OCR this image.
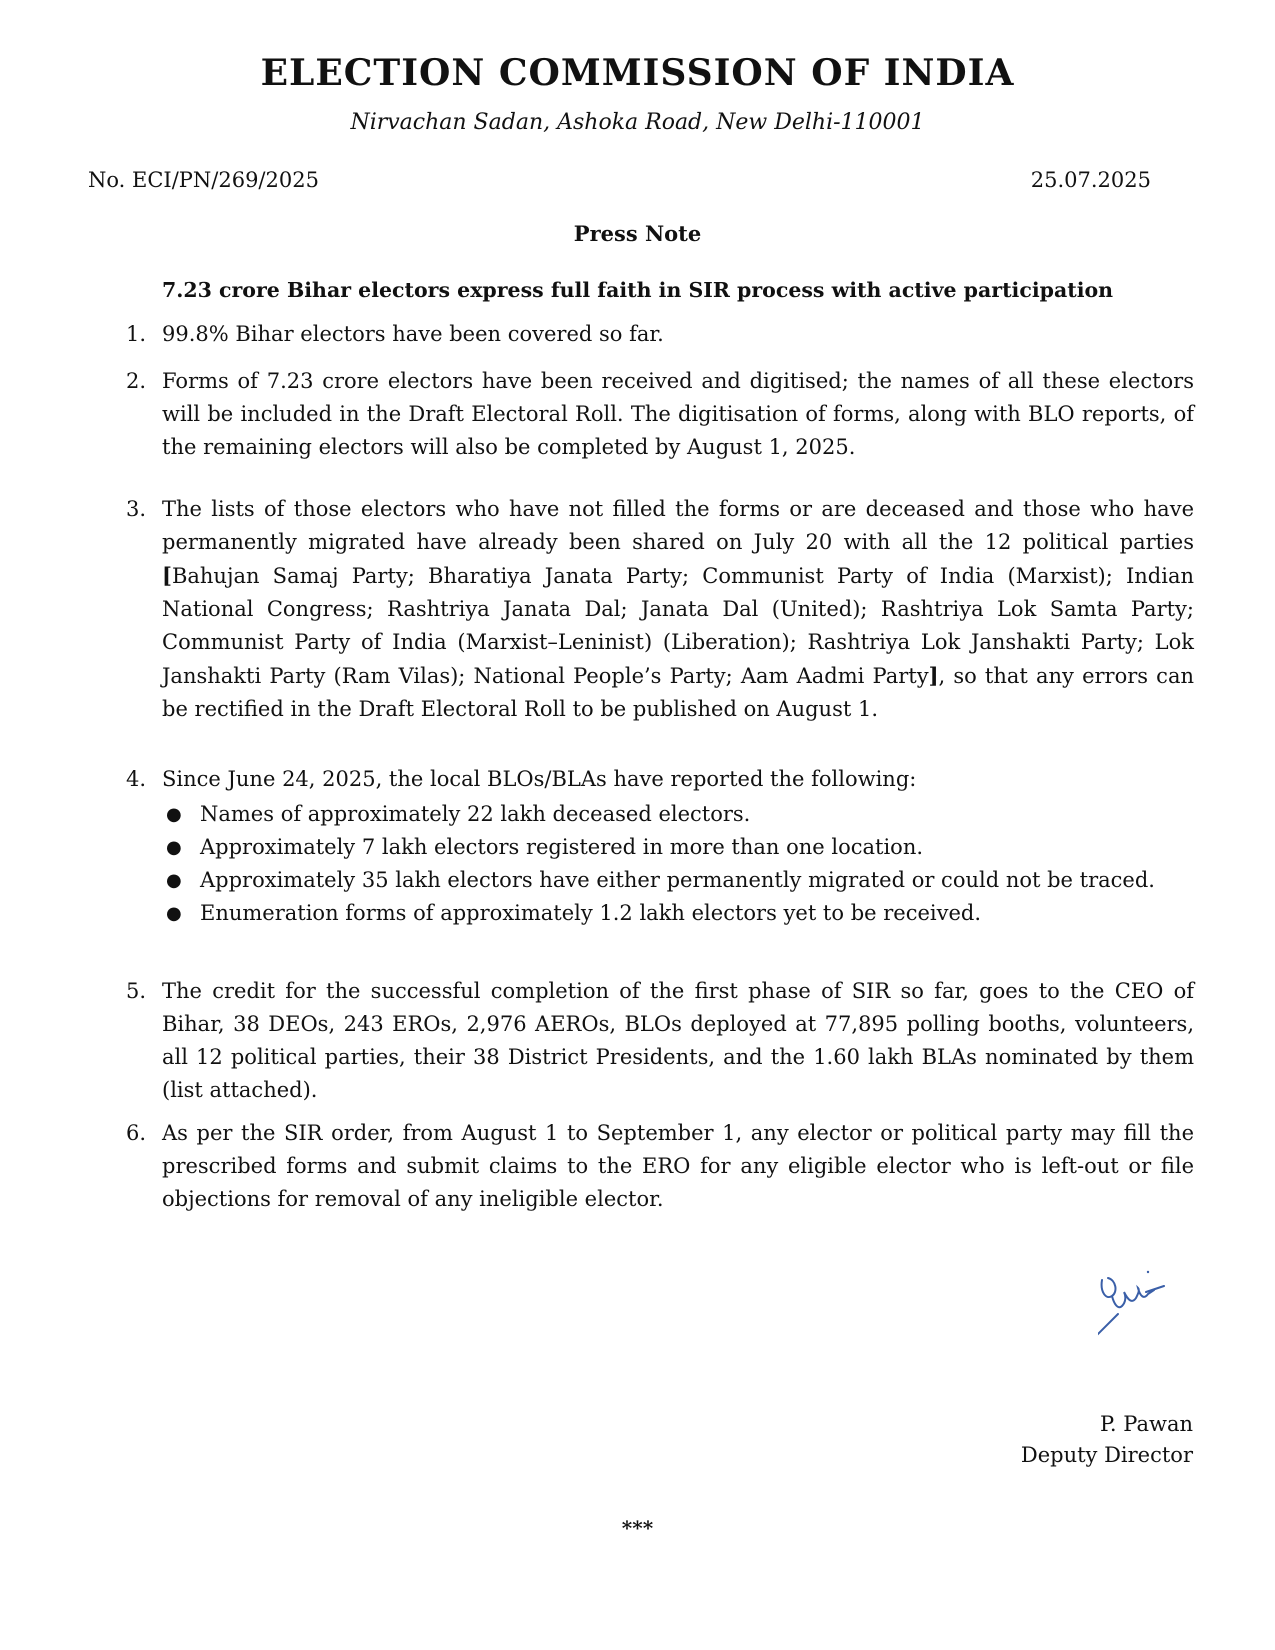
ELECTION COMMISSION OF INDIA
Nirvachan Sadan, Ashoka Road, New Delhi-110001
No. ECI/PN/269/2025	25.07.2025
Press Note
7.23 crore Bihar electors express full faith in SIR process with active participation
1. 99.8% Bihar electors have been covered so far.
2. Forms of 7.23 crore electors have been received and digitised; the names of all these electors will be included in the Draft Electoral Roll. The digitisation of forms, along with BLO reports, of the remaining electors will also be completed by August 1, 2025.
3. The lists of those electors who have not filled the forms or are deceased and those who have permanently migrated have already been shared on July 20 with all the 12 political parties [Bahujan Samaj Party; Bharatiya Janata Party; Communist Party of India (Marxist); Indian National Congress; Rashtriya Janata Dal; Janata Dal (United); Rashtriya Lok Samta Party; Communist Party of India (Marxist–Leninist) (Liberation); Rashtriya Lok Janshakti Party; Lok Janshakti Party (Ram Vilas); National People’s Party; Aam Aadmi Party], so that any errors can be rectified in the Draft Electoral Roll to be published on August 1.
4. Since June 24, 2025, the local BLOs/BLAs have reported the following:
● Names of approximately 22 lakh deceased electors.
● Approximately 7 lakh electors registered in more than one location.
● Approximately 35 lakh electors have either permanently migrated or could not be traced.
● Enumeration forms of approximately 1.2 lakh electors yet to be received.
5. The credit for the successful completion of the first phase of SIR so far, goes to the CEO of Bihar, 38 DEOs, 243 EROs, 2,976 AEROs, BLOs deployed at 77,895 polling booths, volunteers, all 12 political parties, their 38 District Presidents, and the 1.60 lakh BLAs nominated by them (list attached).
6. As per the SIR order, from August 1 to September 1, any elector or political party may fill the prescribed forms and submit claims to the ERO for any eligible elector who is left-out or file objections for removal of any ineligible elector.
P. Pawan
Deputy Director
***
